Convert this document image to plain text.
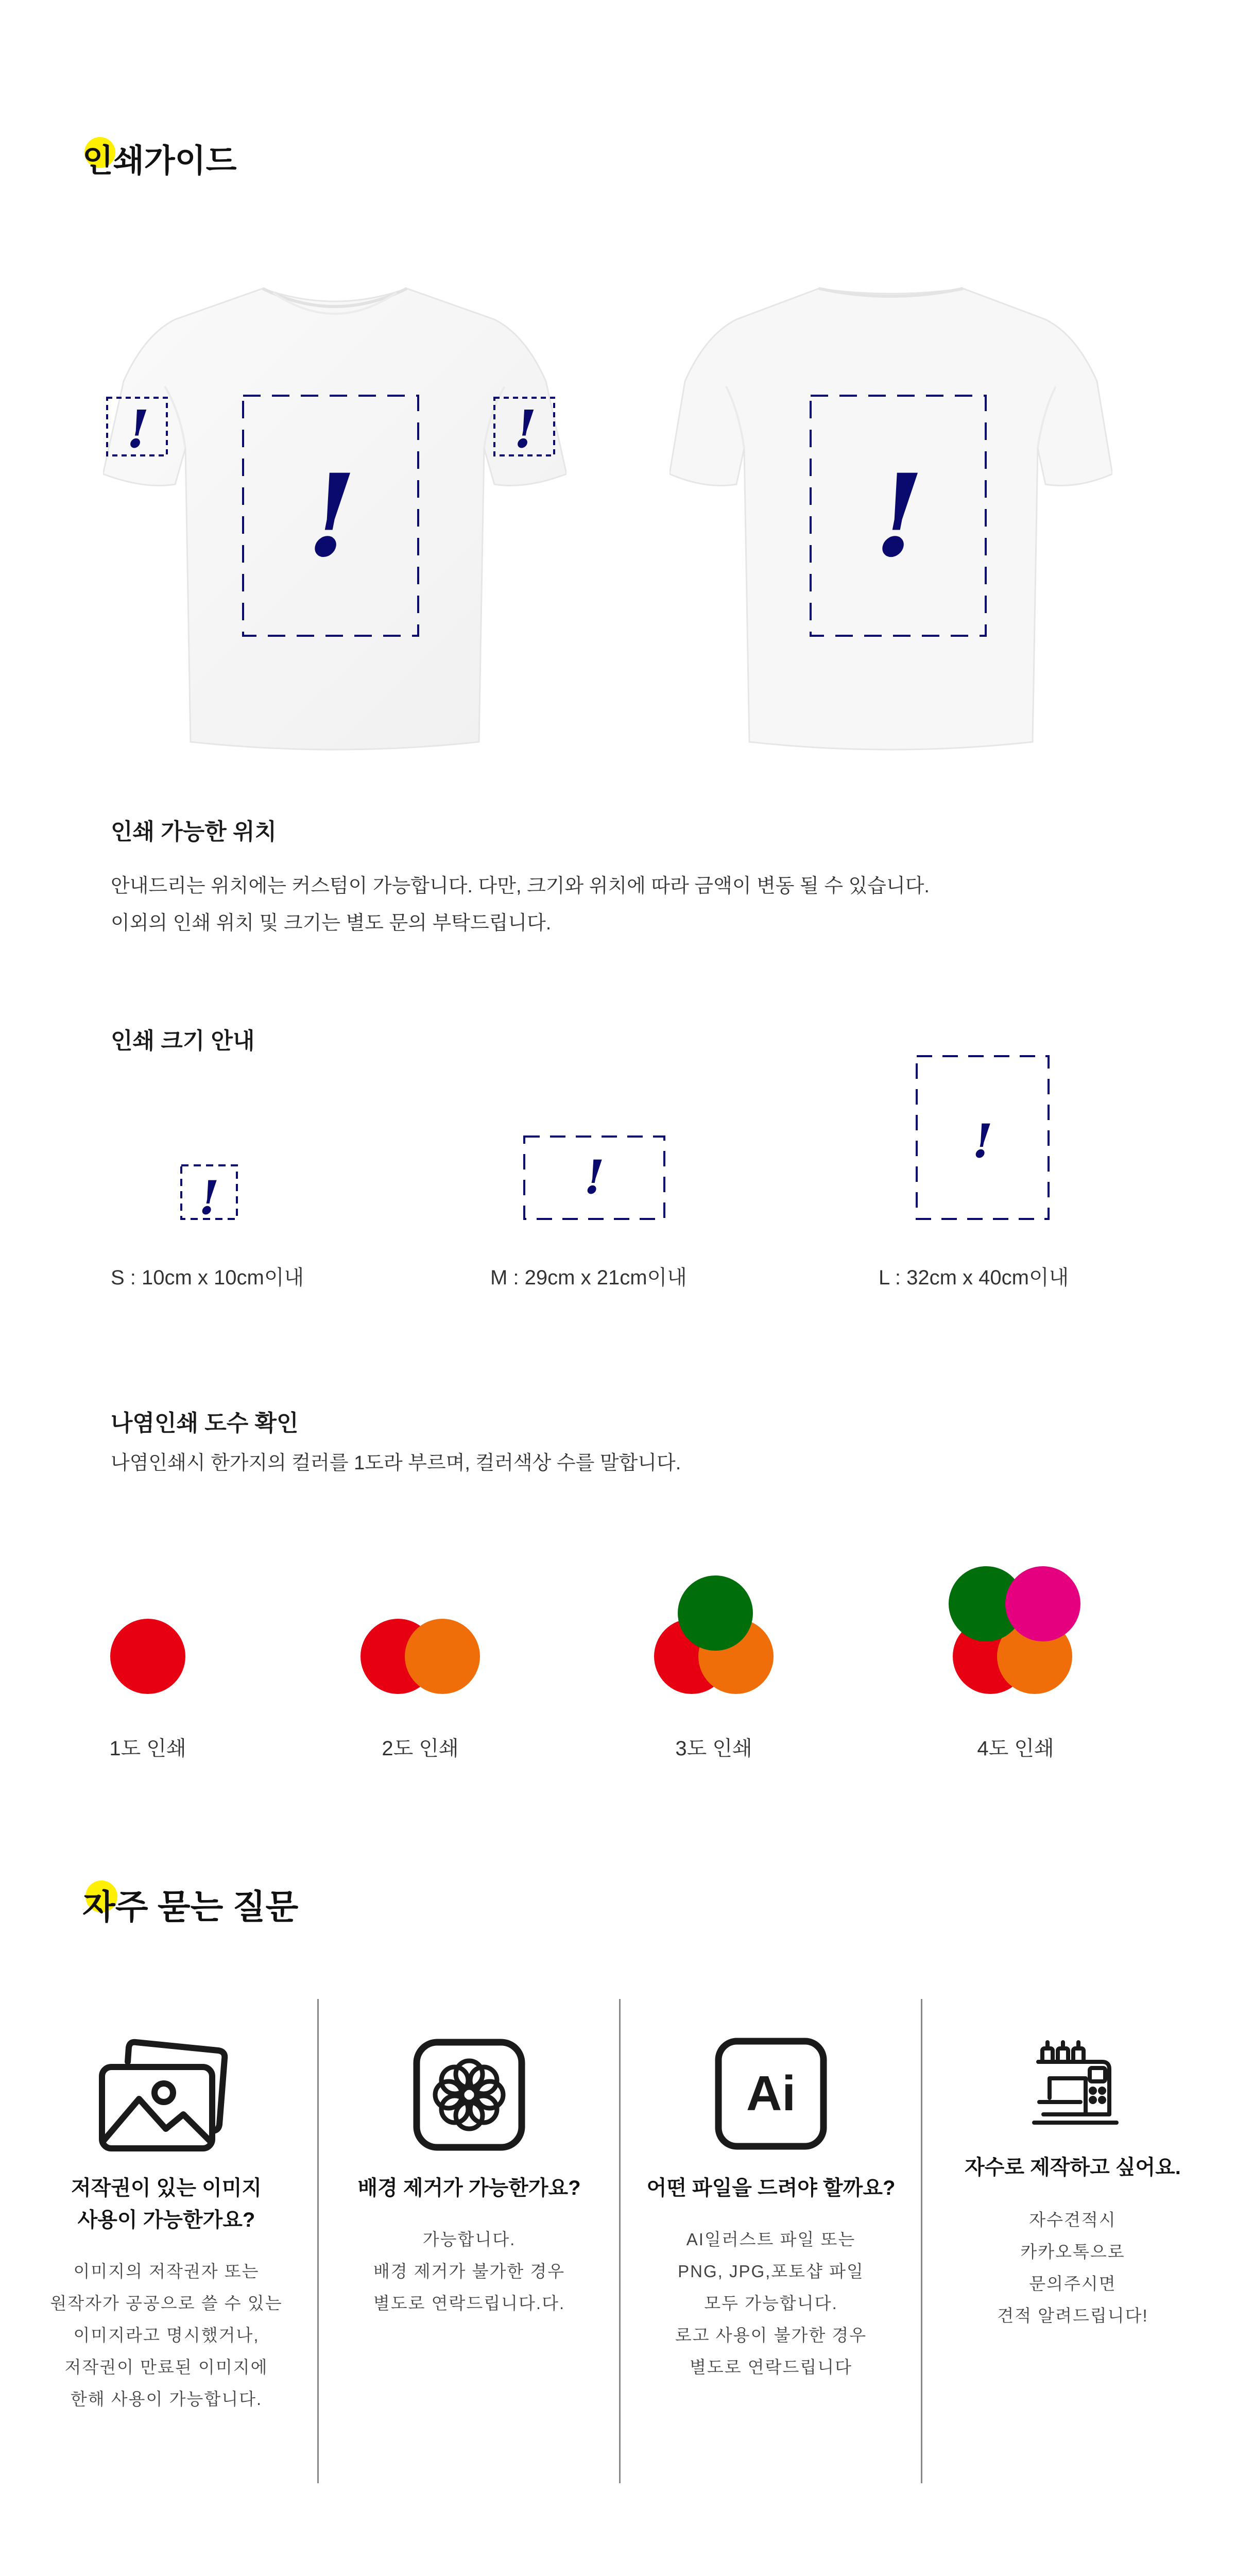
인쇄가이드
!	!
!	!
인쇄 가능한 위치
안내드리는 위치에는 커스텀이 가능합니다. 다만, 크기와 위치에 따라 금액이 변동 될 수 있습니다.
이외의 인쇄 위치 및 크기는 별도 문의 부탁드립니다.
인쇄 크기 안내
!	!
!
S : 10cm x 10cm이내	M : 29cm x 21cm이내	L : 32cm x 40cm이내
나염인쇄 도수 확인
나염인쇄시 한가지의 컬러를 1도라 부르며, 컬러색상 수를 말합니다.
1도 인쇄	2도 인쇄	3도 인쇄	4도 인쇄
자주 묻는 질문
저작권이 있는 이미지
사용이 가능한가요?
이미지의 저작권자 또는
원작자가 공공으로 쓸 수 있는
이미지라고 명시했거나,
저작권이 만료된 이미지에
한해 사용이 가능합니다.
배경 제거가 가능한가요?
가능합니다.
배경 제거가 불가한 경우
별도로 연락드립니다.다.
Ai
어떤 파일을 드려야 할까요?
AI일러스트 파일 또는
PNG, JPG,포토샵 파일
모두 가능합니다.
로고 사용이 불가한 경우
별도로 연락드립니다
자수로 제작하고 싶어요.
자수견적시
카카오톡으로
문의주시면
견적 알려드립니다!
